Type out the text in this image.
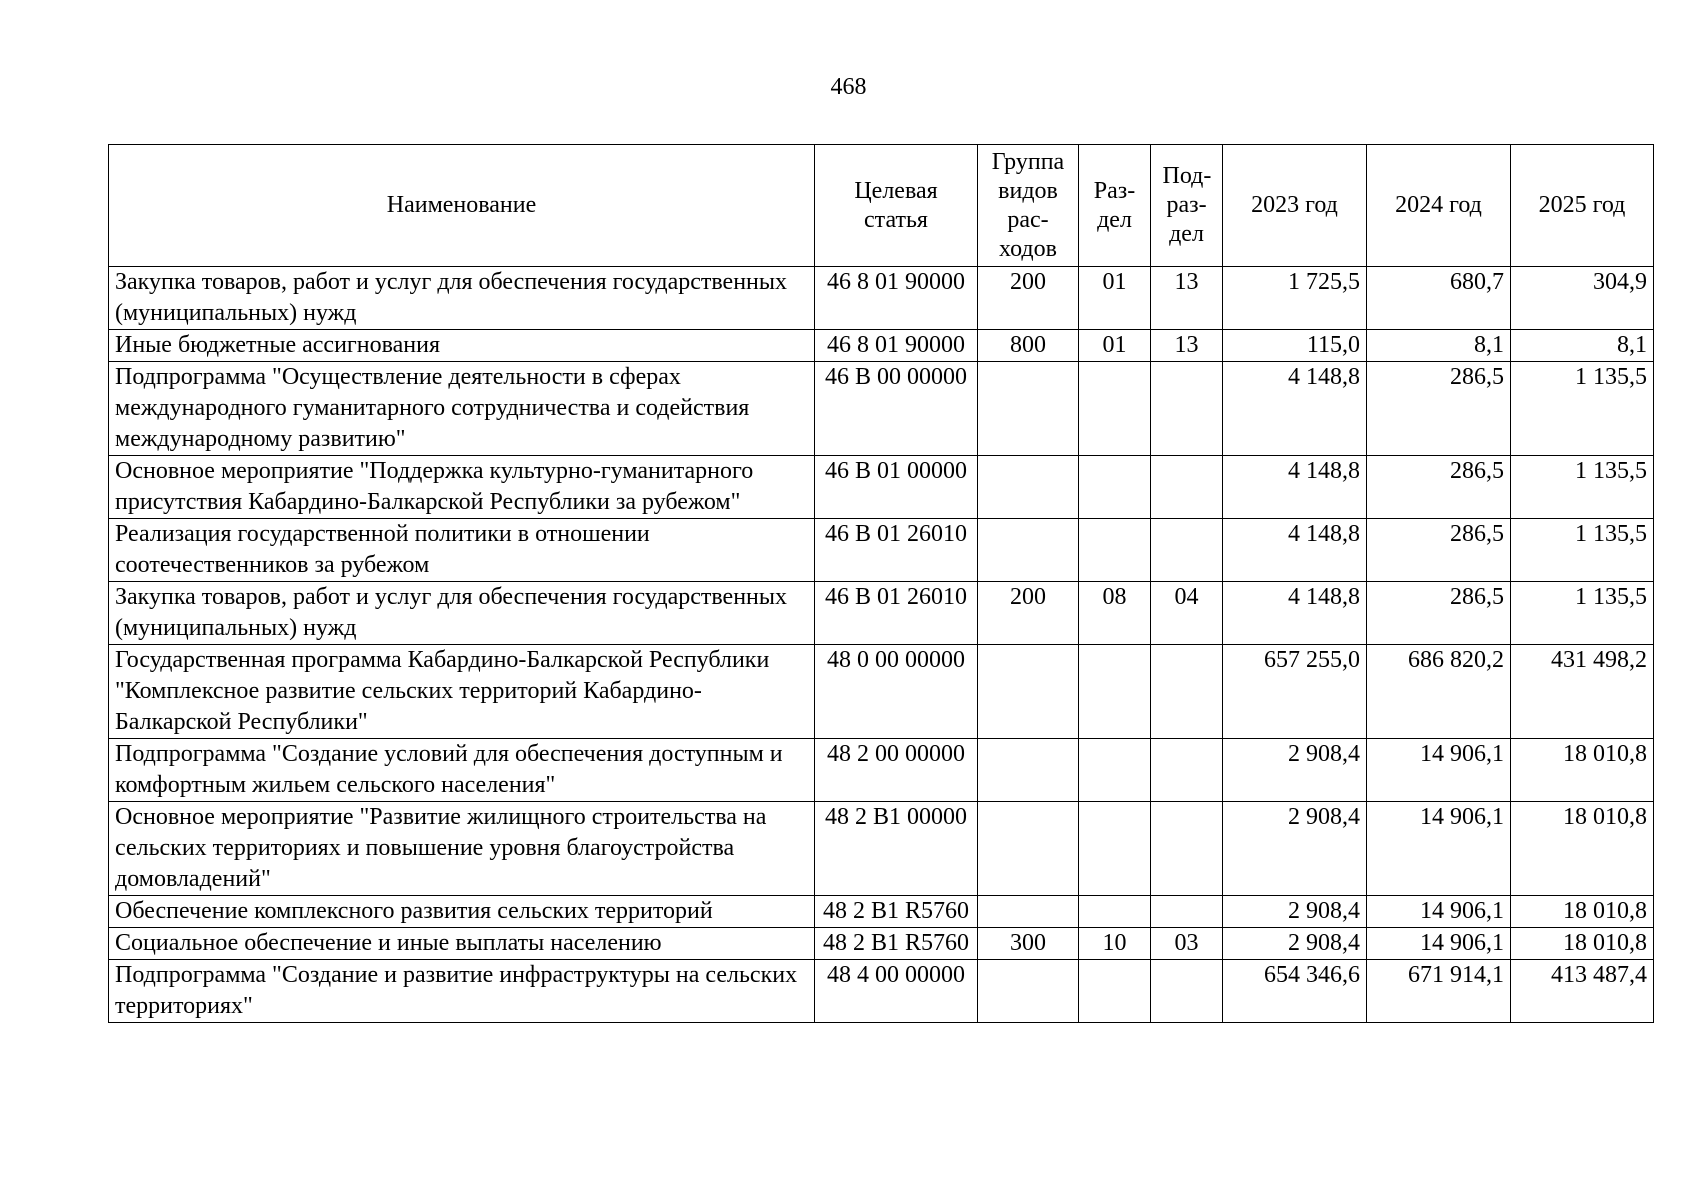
468
Наименование	Целевая статья	Группа видов рас-ходов	Раз-дел	Под-раз-дел	2023 год	2024 год	2025 год
Закупка товаров, работ и услуг для обеспечения государственных (муниципальных) нужд	46 8 01 90000	200	01	13	1 725,5	680,7	304,9
Иные бюджетные ассигнования	46 8 01 90000	800	01	13	115,0	8,1	8,1
Подпрограмма "Осуществление деятельности в сферах международного гуманитарного сотрудничества и содействия международному развитию"	46 В 00 00000				4 148,8	286,5	1 135,5
Основное мероприятие "Поддержка культурно-гуманитарного присутствия Кабардино-Балкарской Республики за рубежом"	46 В 01 00000				4 148,8	286,5	1 135,5
Реализация государственной политики в отношении соотечественников за рубежом	46 В 01 26010				4 148,8	286,5	1 135,5
Закупка товаров, работ и услуг для обеспечения государственных (муниципальных) нужд	46 В 01 26010	200	08	04	4 148,8	286,5	1 135,5
Государственная программа Кабардино-Балкарской Республики "Комплексное развитие сельских территорий Кабардино-Балкарской Республики"	48 0 00 00000				657 255,0	686 820,2	431 498,2
Подпрограмма "Создание условий для обеспечения доступным и комфортным жильем сельского населения"	48 2 00 00000				2 908,4	14 906,1	18 010,8
Основное мероприятие "Развитие жилищного строительства на сельских территориях и повышение уровня благоустройства домовладений"	48 2 В1 00000				2 908,4	14 906,1	18 010,8
Обеспечение комплексного развития сельских территорий	48 2 В1 R5760				2 908,4	14 906,1	18 010,8
Социальное обеспечение и иные выплаты населению	48 2 В1 R5760	300	10	03	2 908,4	14 906,1	18 010,8
Подпрограмма "Создание и развитие инфраструктуры на сельских территориях"	48 4 00 00000				654 346,6	671 914,1	413 487,4
